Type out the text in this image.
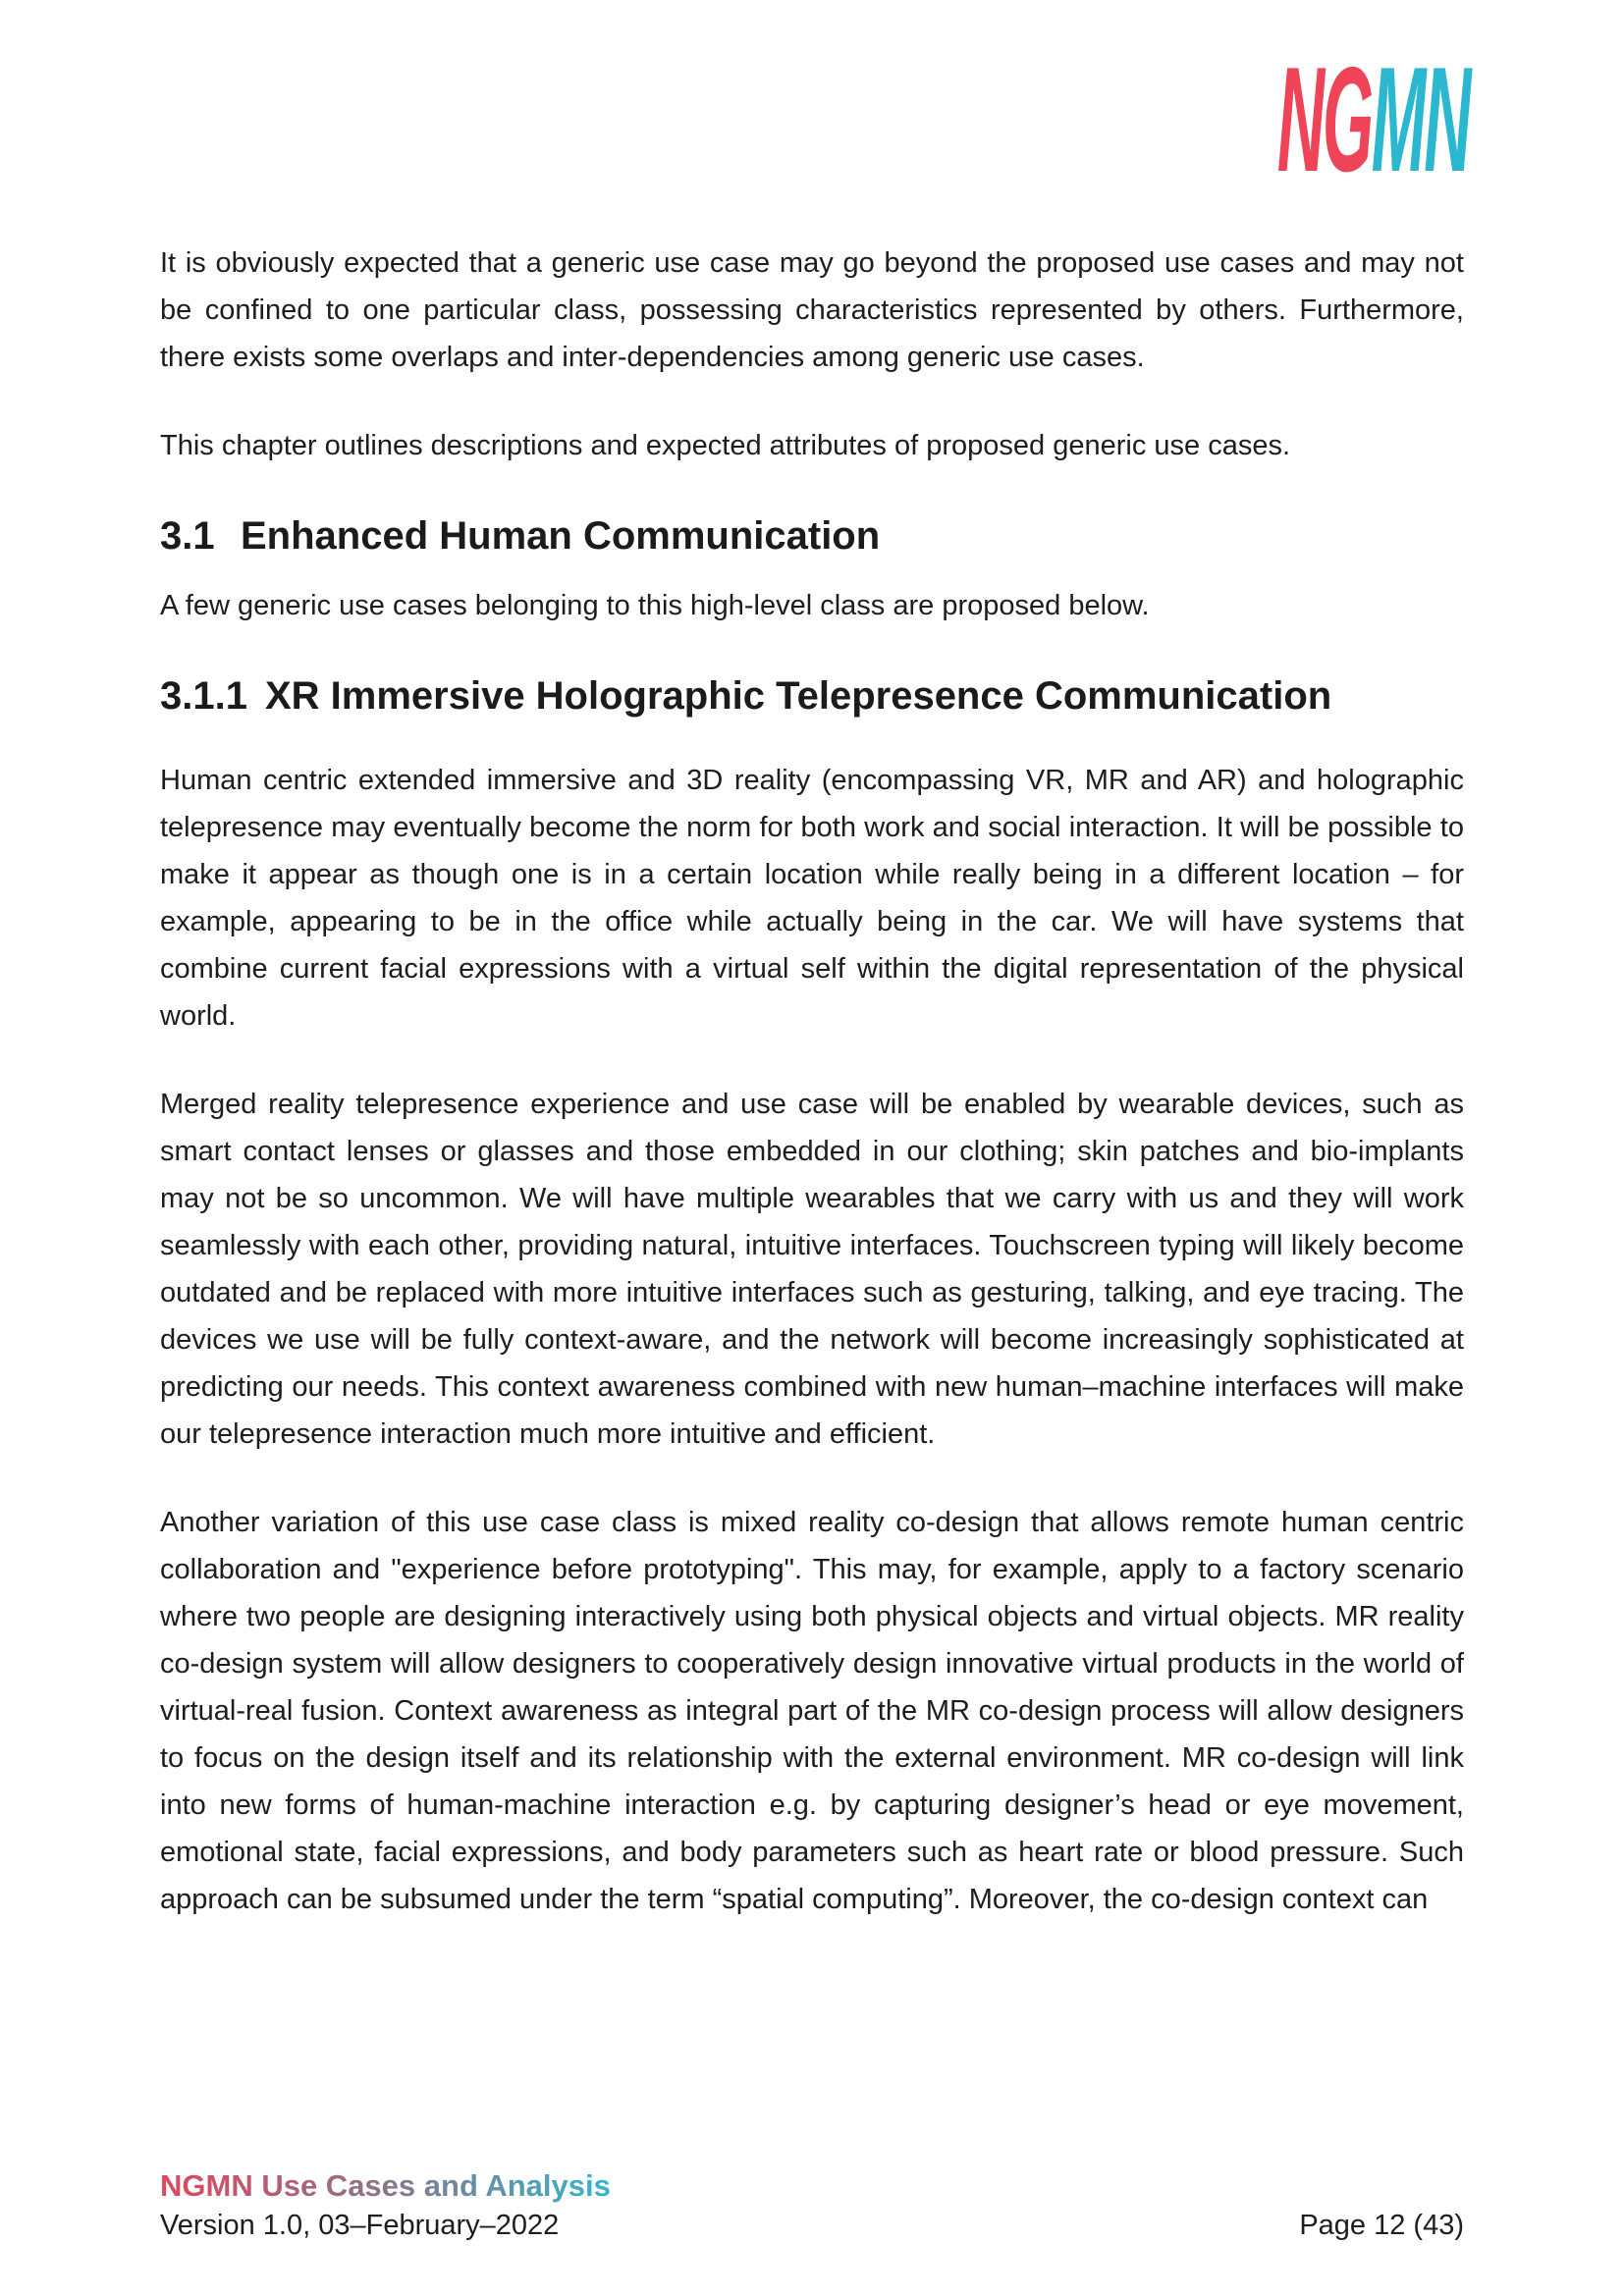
NGMN

It is obviously expected that a generic use case may go beyond the proposed use cases and may not be confined to one particular class, possessing characteristics represented by others. Furthermore, there exists some overlaps and inter-dependencies among generic use cases.

This chapter outlines descriptions and expected attributes of proposed generic use cases.

3.1 Enhanced Human Communication

A few generic use cases belonging to this high-level class are proposed below.

3.1.1 XR Immersive Holographic Telepresence Communication

Human centric extended immersive and 3D reality (encompassing VR, MR and AR) and holographic telepresence may eventually become the norm for both work and social interaction. It will be possible to make it appear as though one is in a certain location while really being in a different location – for example, appearing to be in the office while actually being in the car. We will have systems that combine current facial expressions with a virtual self within the digital representation of the physical world.

Merged reality telepresence experience and use case will be enabled by wearable devices, such as smart contact lenses or glasses and those embedded in our clothing; skin patches and bio-implants may not be so uncommon. We will have multiple wearables that we carry with us and they will work seamlessly with each other, providing natural, intuitive interfaces. Touchscreen typing will likely become outdated and be replaced with more intuitive interfaces such as gesturing, talking, and eye tracing. The devices we use will be fully context-aware, and the network will become increasingly sophisticated at predicting our needs. This context awareness combined with new human–machine interfaces will make our telepresence interaction much more intuitive and efficient.

Another variation of this use case class is mixed reality co-design that allows remote human centric collaboration and "experience before prototyping". This may, for example, apply to a factory scenario where two people are designing interactively using both physical objects and virtual objects. MR reality co-design system will allow designers to cooperatively design innovative virtual products in the world of virtual-real fusion. Context awareness as integral part of the MR co-design process will allow designers to focus on the design itself and its relationship with the external environment. MR co-design will link into new forms of human-machine interaction e.g. by capturing designer’s head or eye movement, emotional state, facial expressions, and body parameters such as heart rate or blood pressure. Such approach can be subsumed under the term “spatial computing”. Moreover, the co-design context can

NGMN Use Cases and Analysis
Version 1.0, 03–February–2022	Page 12 (43)
